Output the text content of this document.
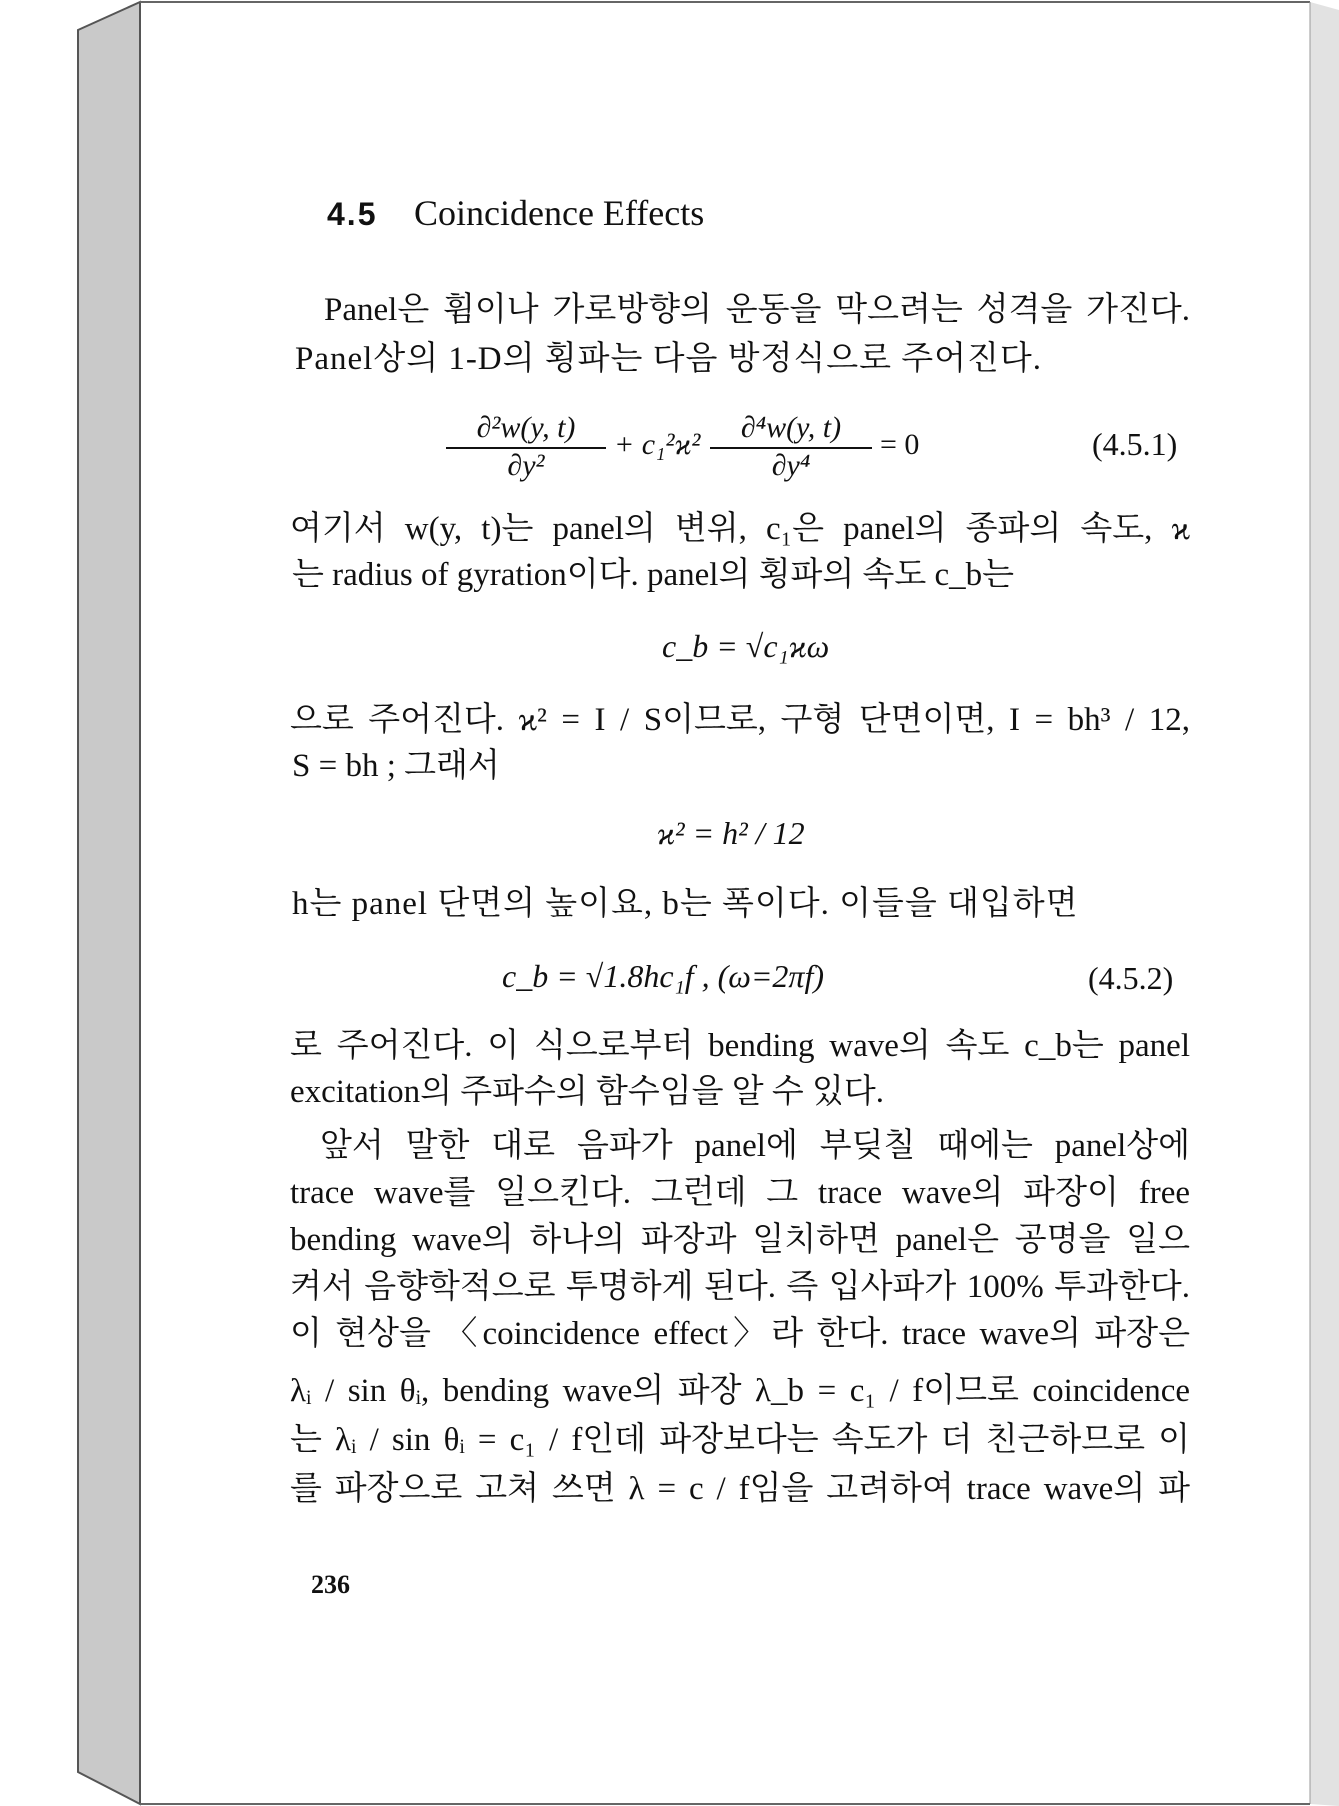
4.5 Coincidence Effects
Panel은 휨이나 가로방향의 운동을 막으려는 성격을 가진다.
Panel상의 1-D의 횡파는 다음 방정식으로 주어진다.
$\frac{\text{∂²w(y, t)}}{\text{∂y²}} + c_1^2ϰ^2 \frac{\text{∂⁴w(y, t)}}{\text{∂y⁴}} = 0$	(4.5.1)
여기서 w(y, t)는 panel의 변위, c₁은 panel의 종파의 속도, ϰ
는 radius of gyration이다. panel의 횡파의 속도 c_b는
c_b = √c₁ϰω
으로 주어진다. ϰ² = I / S이므로, 구형 단면이면, I = bh³ / 12,
S = bh ; 그래서
ϰ² = h² / 12
h는 panel 단면의 높이요, b는 폭이다. 이들을 대입하면
c_b = √1.8hc₁f , (ω=2πf)	(4.5.2)
로 주어진다. 이 식으로부터 bending wave의 속도 c_b는 panel
excitation의 주파수의 함수임을 알 수 있다.
앞서 말한 대로 음파가 panel에 부딪칠 때에는 panel상에
trace wave를 일으킨다. 그런데 그 trace wave의 파장이 free
bending wave의 하나의 파장과 일치하면 panel은 공명을 일으
켜서 음향학적으로 투명하게 된다. 즉 입사파가 100% 투과한다.
이 현상을 〈coincidence effect〉라 한다. trace wave의 파장은
λᵢ / sin θᵢ, bending wave의 파장 λ_b = c₁ / f이므로 coincidence
는 λᵢ / sin θᵢ = c₁ / f인데 파장보다는 속도가 더 친근하므로 이
를 파장으로 고쳐 쓰면 λ = c / f임을 고려하여 trace wave의 파
236
